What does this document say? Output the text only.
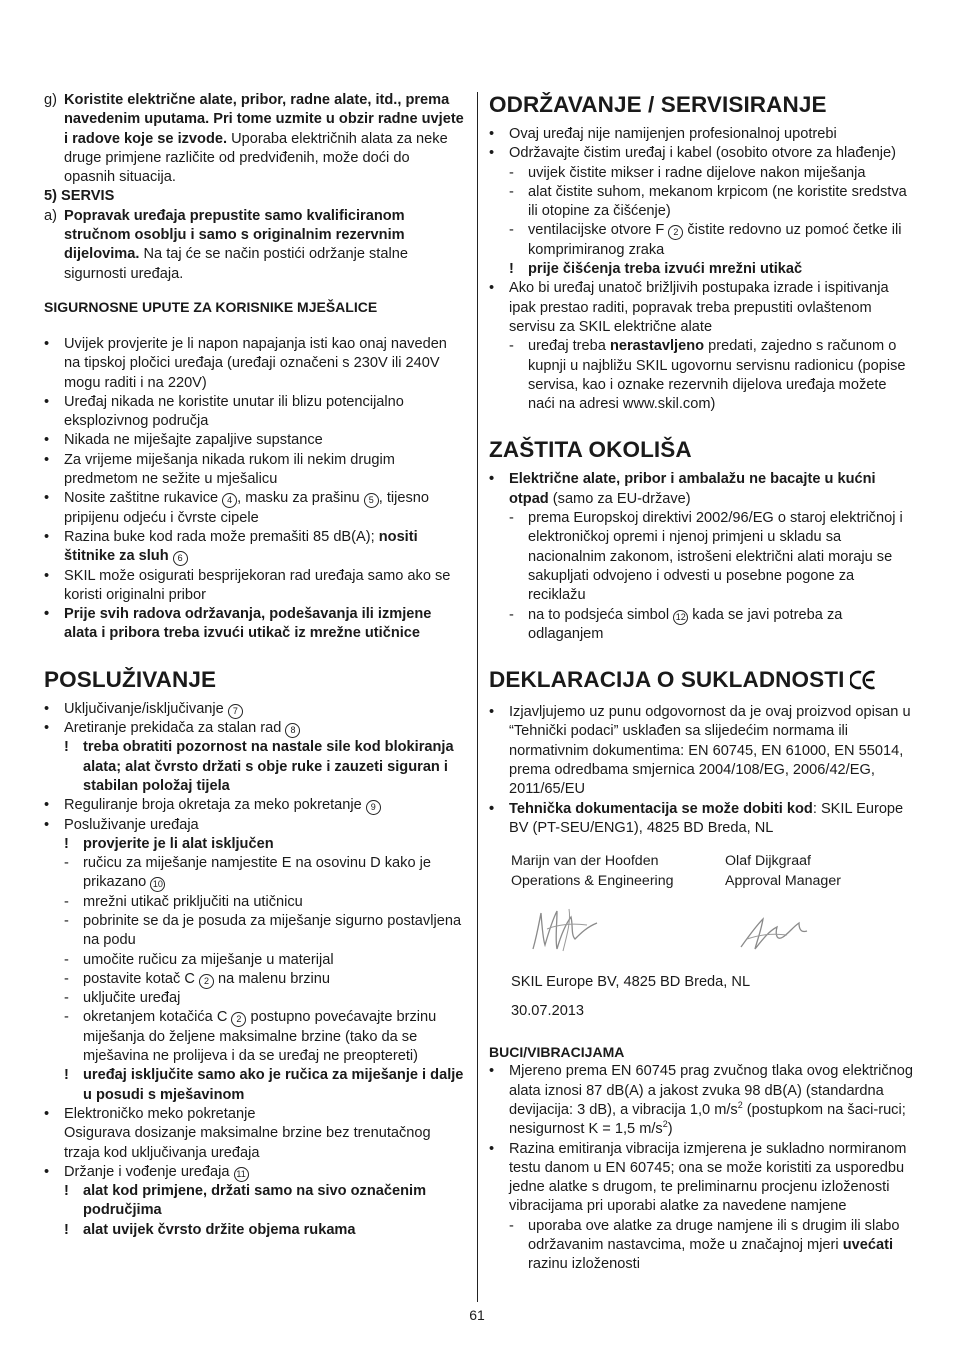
g) Koristite električne alate, pribor, radne alate, itd., prema navedenim uputama. Pri tome uzmite u obzir radne uvjete i radove koje se izvode. Uporaba električnih alata za neke druge primjene različite od predviđenih, može doći do opasnih situacija.
5) SERVIS
a) Popravak uređaja prepustite samo kvalificiranom stručnom osoblju i samo s originalnim rezervnim dijelovima. Na taj će se način postići održanje stalne sigurnosti uređaja.
SIGURNOSNE UPUTE ZA KORISNIKE MJEŠALICE
• Uvijek provjerite je li napon napajanja isti kao onaj naveden na tipskoj pločici uređaja (uređaji označeni s 230V ili 240V mogu raditi i na 220V)
• Uređaj nikada ne koristite unutar ili blizu potencijalno eksplozivnog područja
• Nikada ne miješajte zapaljive supstance
• Za vrijeme miješanja nikada rukom ili nekim drugim predmetom ne sežite u mješalicu
• Nosite zaštitne rukavice 4 , masku za prašinu 5 , tijesno pripijenu odjeću i čvrste cipele
• Razina buke kod rada može premašiti 85 dB(A); nositi štitnike za sluh 6
• SKIL može osigurati besprijekoran rad uređaja samo ako se koristi originalni pribor
• Prije svih radova održavanja, podešavanja ili izmjene alata i pribora treba izvući utikač iz mrežne utičnice
POSLUŽIVANJE
• Uključivanje/isključivanje 7
• Aretiranje prekidača za stalan rad 8
! treba obratiti pozornost na nastale sile kod blokiranja alata; alat čvrsto držati s obje ruke i zauzeti siguran i stabilan položaj tijela
• Reguliranje broja okretaja za meko pokretanje 9
• Posluživanje uređaja
! provjerite je li alat isključen
- ručicu za miješanje namjestite E na osovinu D kako je prikazano 10
- mrežni utikač priključiti na utičnicu
- pobrinite se da je posuda za miješanje sigurno postavljena na podu
- umočite ručicu za miješanje u materijal
- postavite kotač C 2 na malenu brzinu
- uključite uređaj
- okretanjem kotačića C 2 postupno povećavajte brzinu miješanja do željene maksimalne brzine (tako da se mješavina ne prolijeva i da se uređaj ne preoptereti)
! uređaj isključite samo ako je ručica za miješanje i dalje u posudi s mješavinom
• Elektroničko meko pokretanje
Osigurava dosizanje maksimalne brzine bez trenutačnog trzaja kod uključivanja uređaja
• Držanje i vođenje uređaja 11
! alat kod primjene, držati samo na sivo označenim područjima
! alat uvijek čvrsto držite objema rukama
ODRŽAVANJE / SERVISIRANJE
• Ovaj uređaj nije namijenjen profesionalnoj upotrebi
• Održavajte čistim uređaj i kabel (osobito otvore za hlađenje)
- uvijek čistite mikser i radne dijelove nakon miješanja
- alat čistite suhom, mekanom krpicom (ne koristite sredstva ili otopine za čišćenje)
- ventilacijske otvore F 2 čistite redovno uz pomoć četke ili komprimiranog zraka
! prije čišćenja treba izvući mrežni utikač
• Ako bi uređaj unatoč brižljivih postupaka izrade i ispitivanja ipak prestao raditi, popravak treba prepustiti ovlaštenom servisu za SKIL električne alate
- uređaj treba nerastavljeno predati, zajedno s računom o kupnji u najbližu SKIL ugovornu servisnu radionicu (popise servisa, kao i oznake rezervnih dijelova uređaja možete naći na adresi www.skil.com)
ZAŠTITA OKOLIŠA
• Električne alate, pribor i ambalažu ne bacajte u kućni otpad (samo za EU-države)
- prema Europskoj direktivi 2002/96/EG o staroj električnoj i elektroničkoj opremi i njenoj primjeni u skladu sa nacionalnim zakonom, istrošeni električni alati moraju se sakupljati odvojeno i odvesti u posebne pogone za reciklažu
- na to podsjeća simbol 12 kada se javi potreba za odlaganjem
DEKLARACIJA O SUKLADNOSTI
• Izjavljujemo uz punu odgovornost da je ovaj proizvod opisan u “Tehnički podaci” usklađen sa slijedećim normama ili normativnim dokumentima: EN 60745, EN 61000, EN 55014, prema odredbama smjernica 2004/108/EG, 2006/42/EG, 2011/65/EU
• Tehnička dokumentacija se može dobiti kod: SKIL Europe BV (PT-SEU/ENG1), 4825 BD Breda, NL
Marijn van der Hoofden
Operations & Engineering
Olaf Dijkgraaf
Approval Manager
SKIL Europe BV, 4825 BD Breda, NL
30.07.2013
BUCI/VIBRACIJAMA
• Mjereno prema EN 60745 prag zvučnog tlaka ovog električnog alata iznosi 87 dB(A) a jakost zvuka 98 dB(A) (standardna devijacija: 3 dB), a vibracija 1,0 $m/s^2$ (postupkom na šaci-ruci; nesigurnost K = 1,5 $m/s^2$)
• Razina emitiranja vibracija izmjerena je sukladno normiranom testu danom u EN 60745; ona se može koristiti za usporedbu jedne alatke s drugom, te preliminarnu procjenu izloženosti vibracijama pri uporabi alatke za navedene namjene
- uporaba ove alatke za druge namjene ili s drugim ili slabo održavanim nastavcima, može u značajnoj mjeri uvećati razinu izloženosti
61
